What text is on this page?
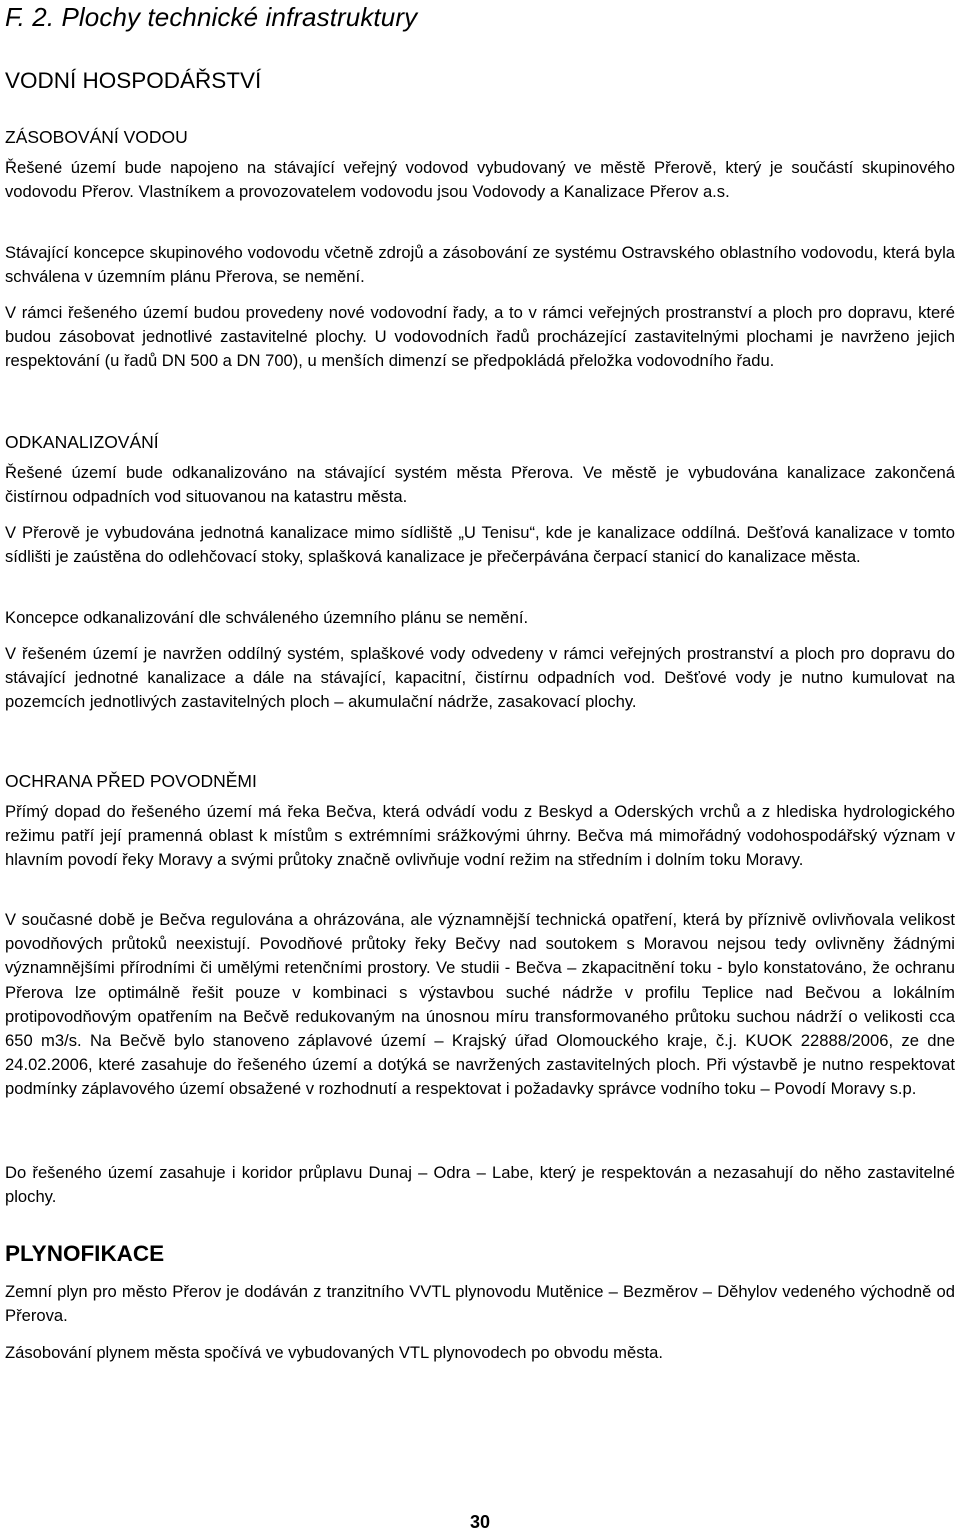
F. 2. Plochy technické infrastruktury
VODNÍ HOSPODÁŘSTVÍ
ZÁSOBOVÁNÍ VODOU

Řešené území bude napojeno na stávající veřejný vodovod vybudovaný ve městě Přerově, který je součástí skupinového vodovodu Přerov. Vlastníkem a provozovatelem vodovodu jsou Vodovody a Kanalizace Přerov a.s.

Stávající koncepce skupinového vodovodu včetně zdrojů a zásobování ze systému Ostravského oblastního vodovodu, která byla schválena v územním plánu Přerova, se nemění.

V rámci řešeného území budou provedeny nové vodovodní řady, a to v rámci veřejných prostranství a ploch pro dopravu, které budou zásobovat jednotlivé zastavitelné plochy. U vodovodních řadů procházející zastavitelnými plochami je navrženo jejich respektování (u řadů DN 500 a DN 700), u menších dimenzí se předpokládá přeložka vodovodního řadu.

ODKANALIZOVÁNÍ

Řešené území bude odkanalizováno na stávající systém města Přerova. Ve městě je vybudována kanalizace zakončená čistírnou odpadních vod situovanou na katastru města.

V Přerově je vybudována jednotná kanalizace mimo sídliště „U Tenisu“, kde je kanalizace oddílná. Dešťová kanalizace v tomto sídlišti je zaústěna do odlehčovací stoky, splašková kanalizace je přečerpávána čerpací stanicí do kanalizace města.

Koncepce odkanalizování dle schváleného územního plánu se nemění.

V řešeném území je navržen oddílný systém, splaškové vody odvedeny v rámci veřejných prostranství a ploch pro dopravu do stávající jednotné kanalizace a dále na stávající, kapacitní, čistírnu odpadních vod. Dešťové vody je nutno kumulovat na pozemcích jednotlivých zastavitelných ploch – akumulační nádrže, zasakovací plochy.

OCHRANA PŘED POVODNĚMI

Přímý dopad do řešeného území má řeka Bečva, která odvádí vodu z Beskyd a Oderských vrchů a z hlediska hydrologického režimu patří její pramenná oblast k místům s extrémními srážkovými úhrny. Bečva má mimořádný vodohospodářský význam v hlavním povodí řeky Moravy a svými průtoky značně ovlivňuje vodní režim na středním i dolním toku Moravy.

V současné době je Bečva regulována a ohrázována, ale významnější technická opatření, která by příznivě ovlivňovala velikost povodňových průtoků neexistují. Povodňové průtoky řeky Bečvy nad soutokem s Moravou nejsou tedy ovlivněny žádnými významnějšími přírodními či umělými retenčními prostory. Ve studii - Bečva – zkapacitnění toku - bylo konstatováno, že ochranu Přerova lze optimálně řešit pouze v kombinaci s výstavbou suché nádrže v profilu Teplice nad Bečvou a lokálním protipovodňovým opatřením na Bečvě redukovaným na únosnou míru transformovaného průtoku suchou nádrží o velikosti cca 650 m3/s. Na Bečvě bylo stanoveno záplavové území – Krajský úřad Olomouckého kraje, č.j. KUOK 22888/2006, ze dne 24.02.2006, které zasahuje do řešeného území a dotýká se navržených zastavitelných ploch. Při výstavbě je nutno respektovat podmínky záplavového území obsažené v rozhodnutí a respektovat i požadavky správce vodního toku – Povodí Moravy s.p.

Do řešeného území zasahuje i koridor průplavu Dunaj – Odra – Labe, který je respektován a nezasahují do něho zastavitelné plochy.

PLYNOFIKACE

Zemní plyn pro město Přerov je dodáván z tranzitního VVTL plynovodu Mutěnice – Bezměrov – Děhylov vedeného východně od Přerova.

Zásobování plynem města spočívá ve vybudovaných VTL plynovodech po obvodu města.

30
